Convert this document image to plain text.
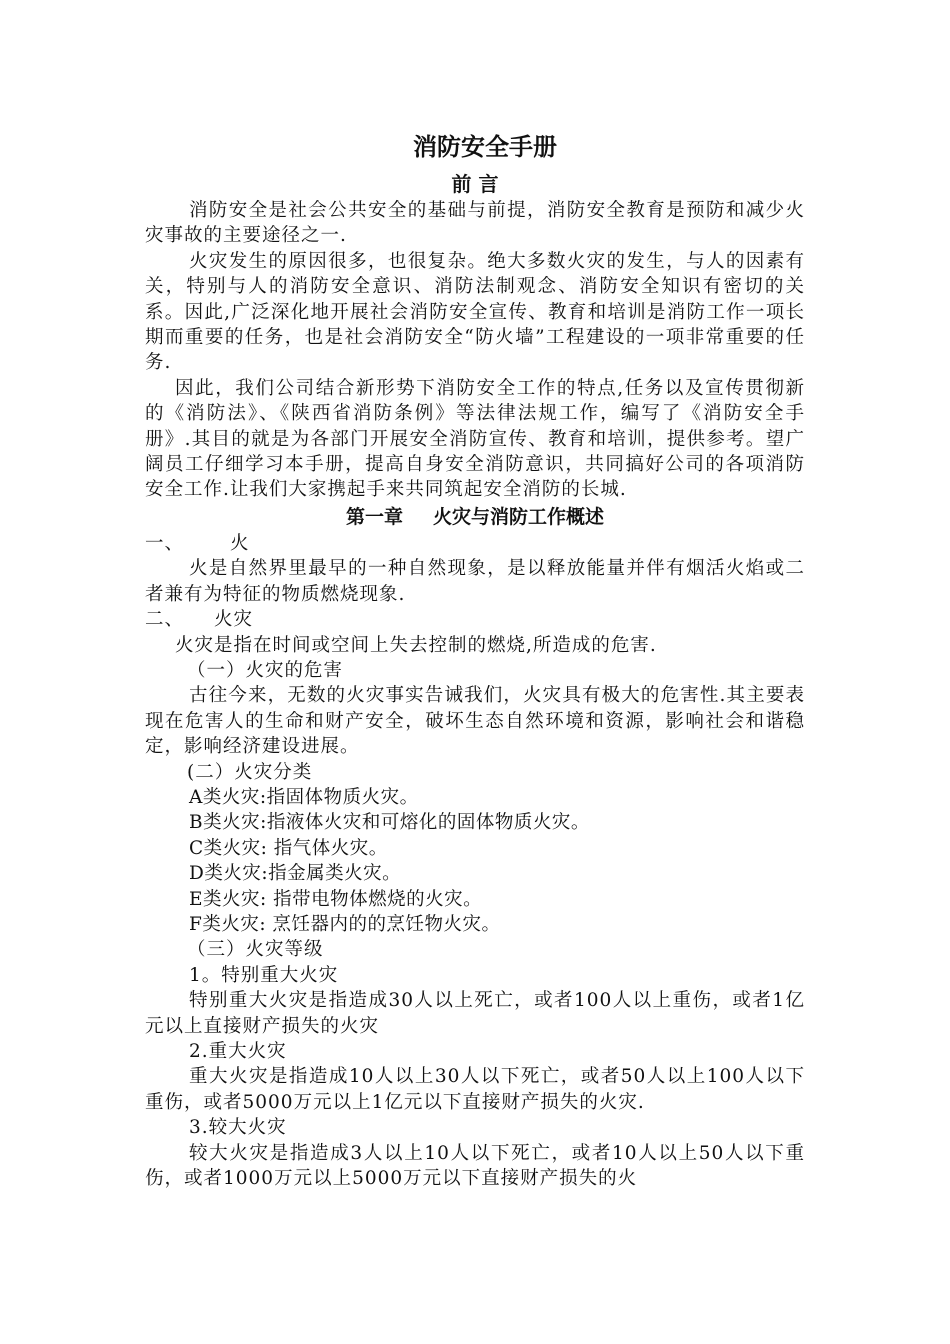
消防安全手册
前 言

消防安全是社会公共安全的基础与前提，消防安全教育是预防和减少火灾事故的主要途径之一.

火灾发生的原因很多，也很复杂。绝大多数火灾的发生，与人的因素有关，特别与人的消防安全意识、消防法制观念、消防安全知识有密切的关系。因此,广泛深化地开展社会消防安全宣传、教育和培训是消防工作一项长期而重要的任务，也是社会消防安全“防火墙”工程建设的一项非常重要的任务.

因此，我们公司结合新形势下消防安全工作的特点,任务以及宣传贯彻新的《消防法》、《陕西省消防条例》等法律法规工作，编写了《消防安全手册》.其目的就是为各部门开展安全消防宣传、教育和培训，提供参考。望广阔员工仔细学习本手册，提高自身安全消防意识，共同搞好公司的各项消防安全工作.让我们大家携起手来共同筑起安全消防的长城.

第一章 火灾与消防工作概述

一、 火

火是自然界里最早的一种自然现象，是以释放能量并伴有烟活火焰或二者兼有为特征的物质燃烧现象.

二、 火灾

火灾是指在时间或空间上失去控制的燃烧,所造成的危害.

（一）火灾的危害

古往今来，无数的火灾事实告诫我们，火灾具有极大的危害性.其主要表现在危害人的生命和财产安全，破坏生态自然环境和资源，影响社会和谐稳定，影响经济建设进展。

(二）火灾分类

A类火灾:指固体物质火灾。

B类火灾:指液体火灾和可熔化的固体物质火灾。

C类火灾: 指气体火灾。

D类火灾:指金属类火灾。

E类火灾: 指带电物体燃烧的火灾。

F类火灾: 烹饪器内的的烹饪物火灾。

（三）火灾等级

1。特别重大火灾

特别重大火灾是指造成30人以上死亡，或者100人以上重伤，或者1亿元以上直接财产损失的火灾

2.重大火灾

重大火灾是指造成10人以上30人以下死亡，或者50人以上100人以下重伤，或者5000万元以上1亿元以下直接财产损失的火灾.

3.较大火灾

较大火灾是指造成3人以上10人以下死亡，或者10人以上50人以下重伤，或者1000万元以上5000万元以下直接财产损失的火
